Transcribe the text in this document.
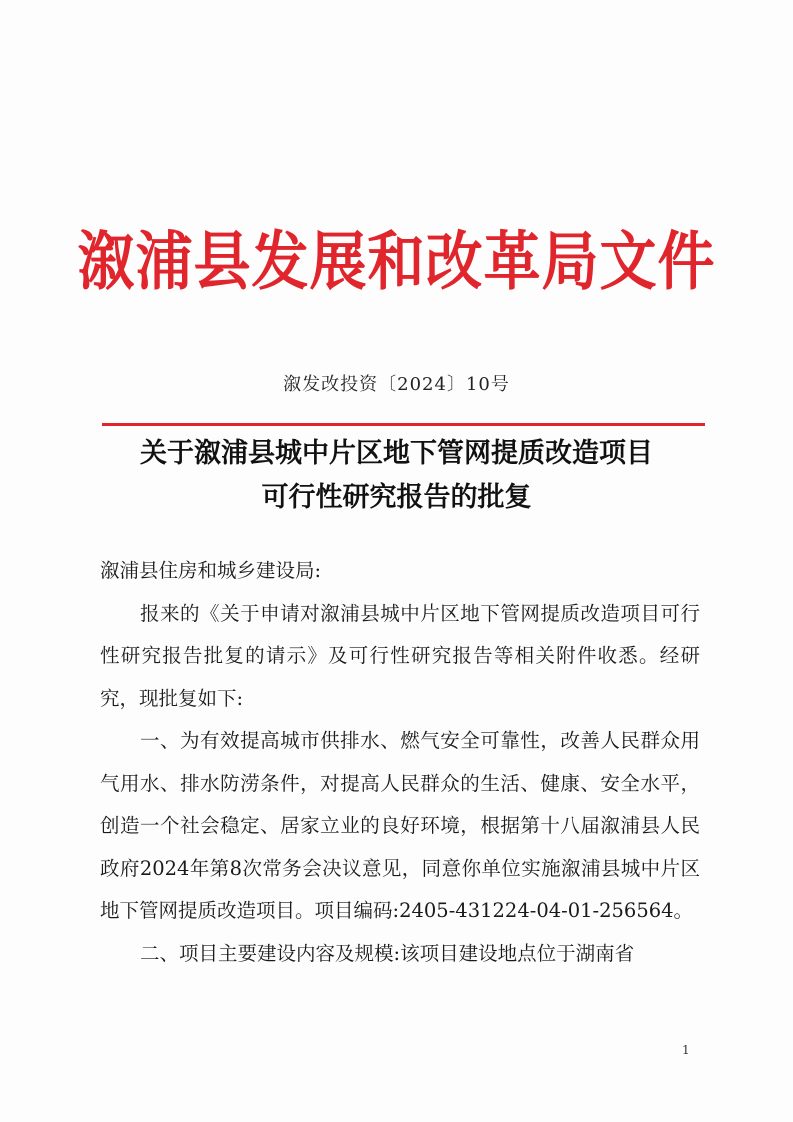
溆浦县发展和改革局文件
溆发改投资〔2024〕10号
关于溆浦县城中片区地下管网提质改造项目
可行性研究报告的批复

溆浦县住房和城乡建设局:

报来的《关于申请对溆浦县城中片区地下管网提质改造项目可行性研究报告批复的请示》及可行性研究报告等相关附件收悉。经研究，现批复如下:

一、为有效提高城市供排水、燃气安全可靠性，改善人民群众用气用水、排水防涝条件，对提高人民群众的生活、健康、安全水平，创造一个社会稳定、居家立业的良好环境，根据第十八届溆浦县人民政府2024年第8次常务会决议意见，同意你单位实施溆浦县城中片区地下管网提质改造项目。项目编码:2405-431224-04-01-256564。

二、项目主要建设内容及规模:该项目建设地点位于湖南省

1
